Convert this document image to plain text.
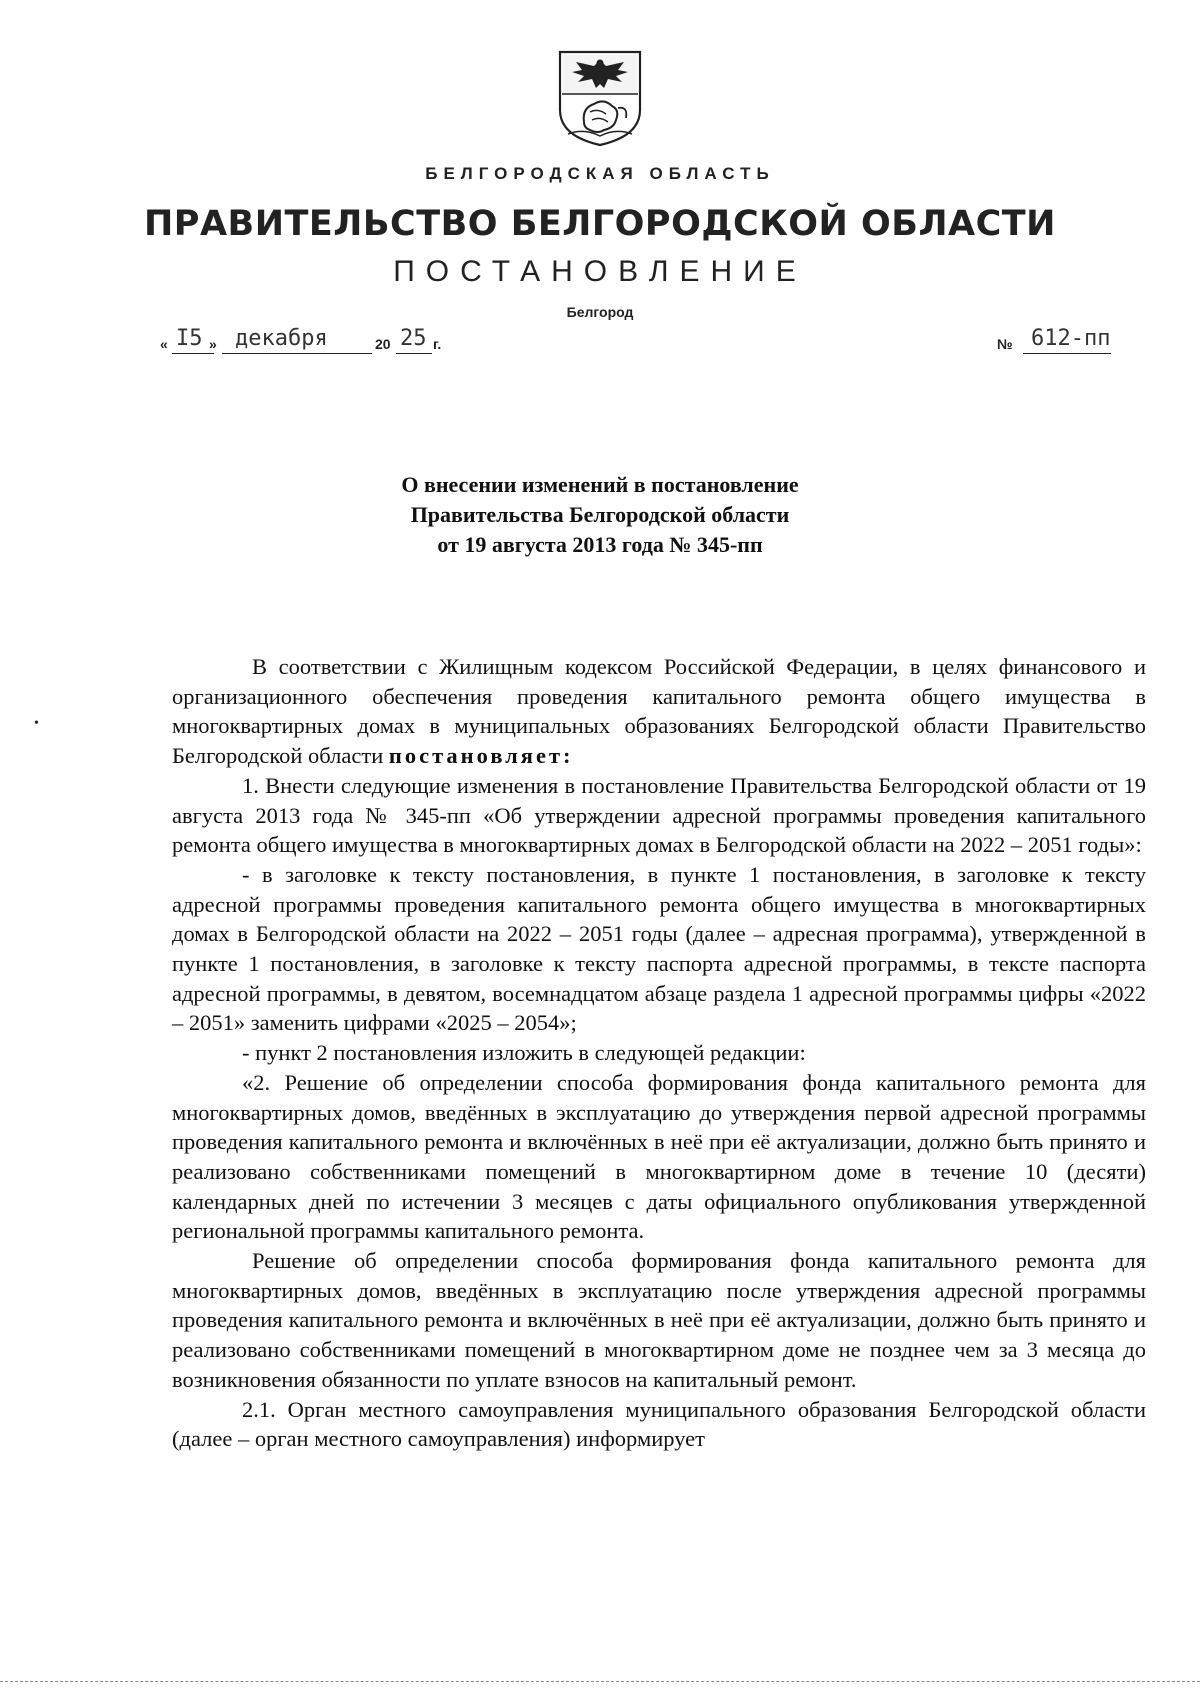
БЕЛГОРОДСКАЯ ОБЛАСТЬ
ПРАВИТЕЛЬСТВО БЕЛГОРОДСКОЙ ОБЛАСТИ
ПОСТАНОВЛЕНИЕ
Белгород
« I5 » декабря	20 25 г.	№ 612-пп
О внесении изменений в постановление
Правительства Белгородской области
от 19 августа 2013 года № 345-пп

В соответствии с Жилищным кодексом Российской Федерации, в целях финансового и организационного обеспечения проведения капитального ремонта общего имущества в многоквартирных домах в муниципальных образованиях Белгородской области Правительство Белгородской области постановляет:

1. Внести следующие изменения в постановление Правительства Белгородской области от 19 августа 2013 года № 345-пп «Об утверждении адресной программы проведения капитального ремонта общего имущества в многоквартирных домах в Белгородской области на 2022 – 2051 годы»:

- в заголовке к тексту постановления, в пункте 1 постановления, в заголовке к тексту адресной программы проведения капитального ремонта общего имущества в многоквартирных домах в Белгородской области на 2022 – 2051 годы (далее – адресная программа), утвержденной в пункте 1 постановления, в заголовке к тексту паспорта адресной программы, в тексте паспорта адресной программы, в девятом, восемнадцатом абзаце раздела 1 адресной программы цифры «2022 – 2051» заменить цифрами «2025 – 2054»;

- пункт 2 постановления изложить в следующей редакции:

«2. Решение об определении способа формирования фонда капитального ремонта для многоквартирных домов, введённых в эксплуатацию до утверждения первой адресной программы проведения капитального ремонта и включённых в неё при её актуализации, должно быть принято и реализовано собственниками помещений в многоквартирном доме в течение 10 (десяти) календарных дней по истечении 3 месяцев с даты официального опубликования утвержденной региональной программы капитального ремонта.

Решение об определении способа формирования фонда капитального ремонта для многоквартирных домов, введённых в эксплуатацию после утверждения адресной программы проведения капитального ремонта и включённых в неё при её актуализации, должно быть принято и реализовано собственниками помещений в многоквартирном доме не позднее чем за 3 месяца до возникновения обязанности по уплате взносов на капитальный ремонт.

2.1. Орган местного самоуправления муниципального образования Белгородской области (далее – орган местного самоуправления) информирует

•
